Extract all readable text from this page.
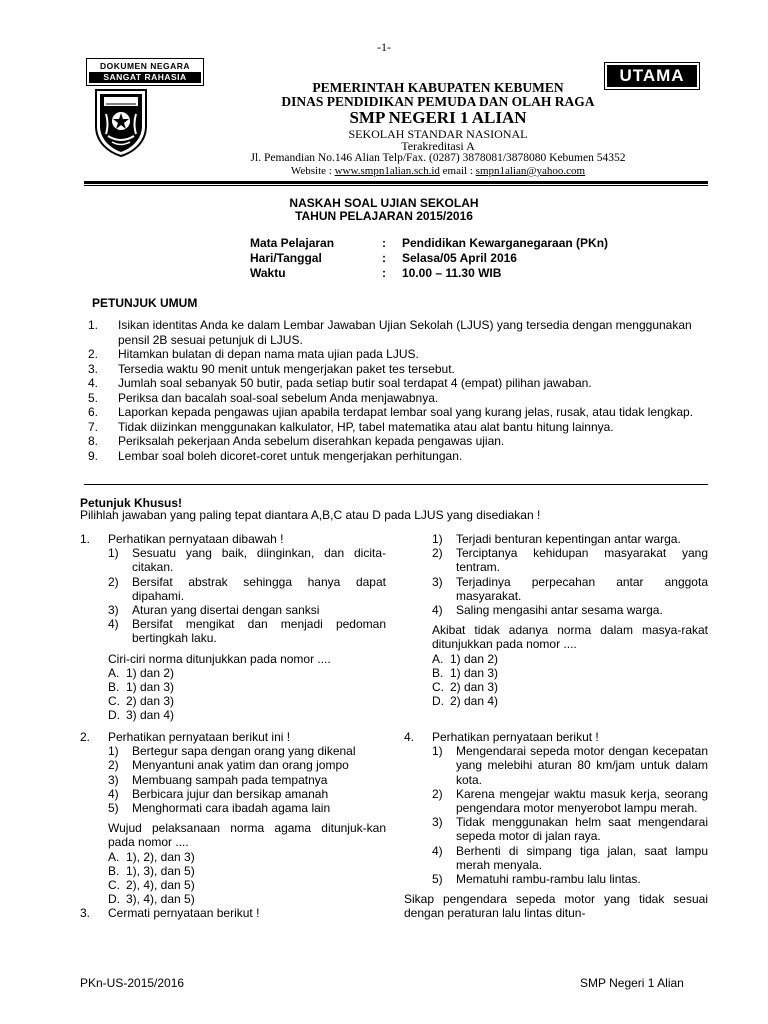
-1-
DOKUMEN NEGARA
SANGAT RAHASIA	UTAMA
PEMERINTAH KABUPATEN KEBUMEN
DINAS PENDIDIKAN PEMUDA DAN OLAH RAGA
SMP NEGERI 1 ALIAN
SEKOLAH STANDAR NASIONAL
Terakreditasi A
Jl. Pemandian No.146 Alian Telp/Fax. (0287) 3878081/3878080 Kebumen 54352
Website : www.smpn1alian.sch.id email : smpn1alian@yahoo.com
NASKAH SOAL UJIAN SEKOLAH
TAHUN PELAJARAN 2015/2016
Mata Pelajaran	: Pendidikan Kewarganegaraan (PKn)
Hari/Tanggal	: Selasa/05 April 2016
Waktu	: 10.00 – 11.30 WIB
PETUNJUK UMUM
1. Isikan identitas Anda ke dalam Lembar Jawaban Ujian Sekolah (LJUS) yang tersedia dengan menggunakan pensil 2B sesuai petunjuk di LJUS.
2. Hitamkan bulatan di depan nama mata ujian pada LJUS.
3. Tersedia waktu 90 menit untuk mengerjakan paket tes tersebut.
4. Jumlah soal sebanyak 50 butir, pada setiap butir soal terdapat 4 (empat) pilihan jawaban.
5. Periksa dan bacalah soal-soal sebelum Anda menjawabnya.
6. Laporkan kepada pengawas ujian apabila terdapat lembar soal yang kurang jelas, rusak, atau tidak lengkap.
7. Tidak diizinkan menggunakan kalkulator, HP, tabel matematika atau alat bantu hitung lainnya.
8. Periksalah pekerjaan Anda sebelum diserahkan kepada pengawas ujian.
9. Lembar soal boleh dicoret-coret untuk mengerjakan perhitungan.
Petunjuk Khusus!
Pilihlah jawaban yang paling tepat diantara A,B,C atau D pada LJUS yang disediakan !
1. Perhatikan pernyataan dibawah !
1) Sesuatu yang baik, diinginkan, dan dicita-citakan.
2) Bersifat abstrak sehingga hanya dapat dipahami.
3) Aturan yang disertai dengan sanksi
4) Bersifat mengikat dan menjadi pedoman bertingkah laku.
Ciri-ciri norma ditunjukkan pada nomor ....
A. 1) dan 2)
B. 1) dan 3)
C. 2) dan 3)
D. 3) dan 4)
2. Perhatikan pernyataan berikut ini !
1) Bertegur sapa dengan orang yang dikenal
2) Menyantuni anak yatim dan orang jompo
3) Membuang sampah pada tempatnya
4) Berbicara jujur dan bersikap amanah
5) Menghormati cara ibadah agama lain
Wujud pelaksanaan norma agama ditunjuk-kan pada nomor ....
A. 1), 2), dan 3)
B. 1), 3), dan 5)
C. 2), 4), dan 5)
D. 3), 4), dan 5)
3. Cermati pernyataan berikut !
1) Terjadi benturan kepentingan antar warga.
2) Terciptanya kehidupan masyarakat yang tentram.
3) Terjadinya perpecahan antar anggota masyarakat.
4) Saling mengasihi antar sesama warga.
Akibat tidak adanya norma dalam masya-rakat ditunjukkan pada nomor ....
A. 1) dan 2)
B. 1) dan 3)
C. 2) dan 3)
D. 2) dan 4)
4. Perhatikan pernyataan berikut !
1) Mengendarai sepeda motor dengan kecepatan yang melebihi aturan 80 km/jam untuk dalam kota.
2) Karena mengejar waktu masuk kerja, seorang pengendara motor menyerobot lampu merah.
3) Tidak menggunakan helm saat mengendarai sepeda motor di jalan raya.
4) Berhenti di simpang tiga jalan, saat lampu merah menyala.
5) Mematuhi rambu-rambu lalu lintas.
Sikap pengendara sepeda motor yang tidak sesuai dengan peraturan lalu lintas ditun-
PKn-US-2015/2016	SMP Negeri 1 Alian
